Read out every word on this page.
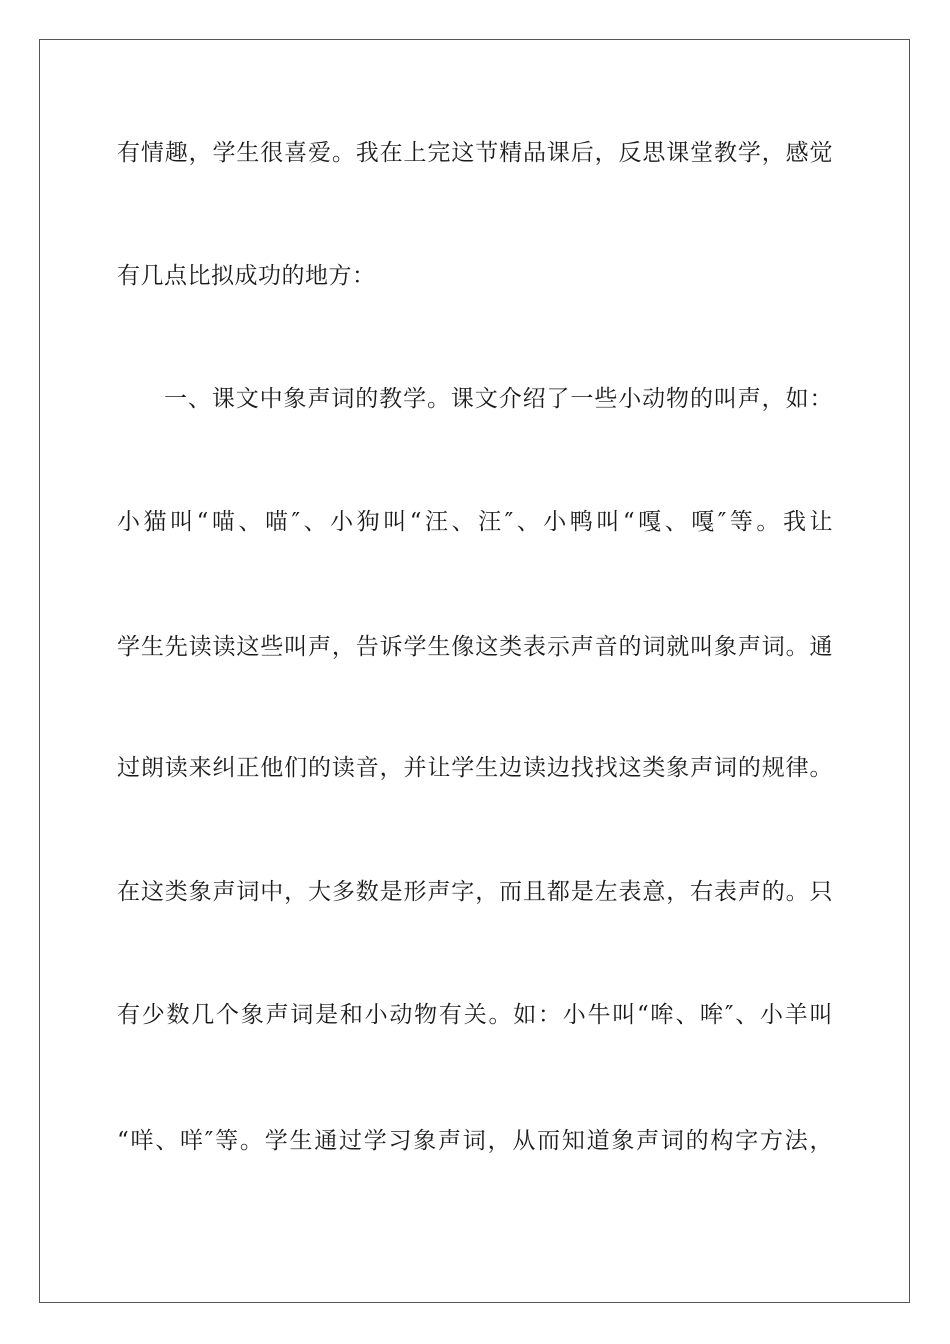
有情趣，学生很喜爱。我在上完这节精品课后，反思课堂教学，感觉
有几点比拟成功的地方：
一、课文中象声词的教学。课文介绍了一些小动物的叫声，如：
小猫叫“喵、喵″、小狗叫“汪、汪″、小鸭叫“嘎、嘎″等。我让
学生先读读这些叫声，告诉学生像这类表示声音的词就叫象声词。通
过朗读来纠正他们的读音，并让学生边读边找找这类象声词的规律。
在这类象声词中，大多数是形声字，而且都是左表意，右表声的。只
有少数几个象声词是和小动物有关。如：小牛叫“哞、哞″、小羊叫
“咩、咩″等。学生通过学习象声词，从而知道象声词的构字方法，
